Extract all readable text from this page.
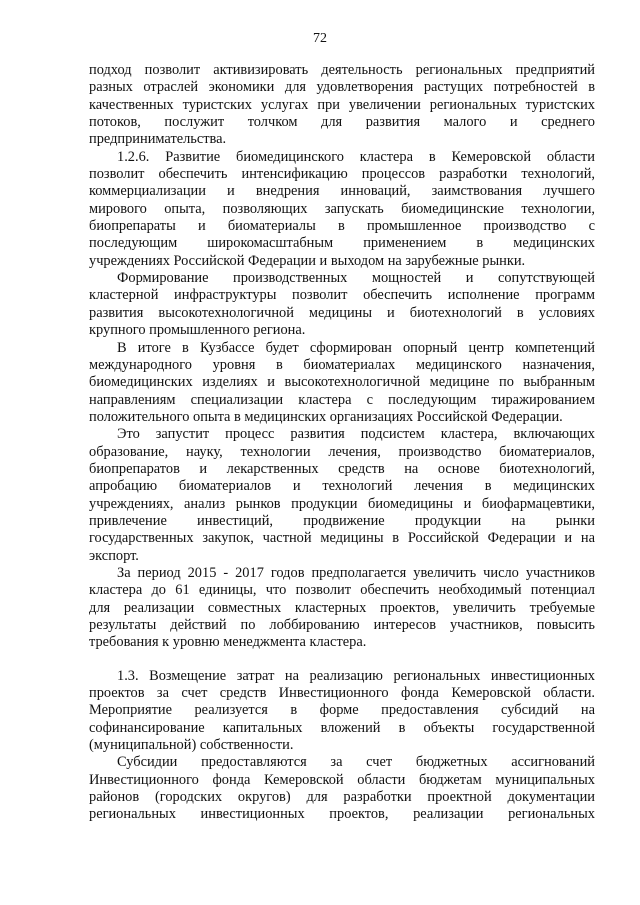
72
подход позволит активизировать деятельность региональных предприятий
разных отраслей экономики для удовлетворения растущих потребностей в
качественных туристских услугах при увеличении региональных туристских
потоков, послужит толчком для развития малого и среднего
предпринимательства.
1.2.6. Развитие биомедицинского кластера в Кемеровской области
позволит обеспечить интенсификацию процессов разработки технологий,
коммерциализации и внедрения инноваций, заимствования лучшего
мирового опыта, позволяющих запускать биомедицинские технологии,
биопрепараты и биоматериалы в промышленное производство с
последующим широкомасштабным применением в медицинских
учреждениях Российской Федерации и выходом на зарубежные рынки.
Формирование производственных мощностей и сопутствующей
кластерной инфраструктуры позволит обеспечить исполнение программ
развития высокотехнологичной медицины и биотехнологий в условиях
крупного промышленного региона.
В итоге в Кузбассе будет сформирован опорный центр компетенций
международного уровня в биоматериалах медицинского назначения,
биомедицинских изделиях и высокотехнологичной медицине по выбранным
направлениям специализации кластера с последующим тиражированием
положительного опыта в медицинских организациях Российской Федерации.
Это запустит процесс развития подсистем кластера, включающих
образование, науку, технологии лечения, производство биоматериалов,
биопрепаратов и лекарственных средств на основе биотехнологий,
апробацию биоматериалов и технологий лечения в медицинских
учреждениях, анализ рынков продукции биомедицины и биофармацевтики,
привлечение инвестиций, продвижение продукции на рынки
государственных закупок, частной медицины в Российской Федерации и на
экспорт.
За период 2015 - 2017 годов предполагается увеличить число участников
кластера до 61 единицы, что позволит обеспечить необходимый потенциал
для реализации совместных кластерных проектов, увеличить требуемые
результаты действий по лоббированию интересов участников, повысить
требования к уровню менеджмента кластера.
1.3. Возмещение затрат на реализацию региональных инвестиционных
проектов за счет средств Инвестиционного фонда Кемеровской области.
Мероприятие реализуется в форме предоставления субсидий на
софинансирование капитальных вложений в объекты государственной
(муниципальной) собственности.
Субсидии предоставляются за счет бюджетных ассигнований
Инвестиционного фонда Кемеровской области бюджетам муниципальных
районов (городских округов) для разработки проектной документации
региональных инвестиционных проектов, реализации региональных
